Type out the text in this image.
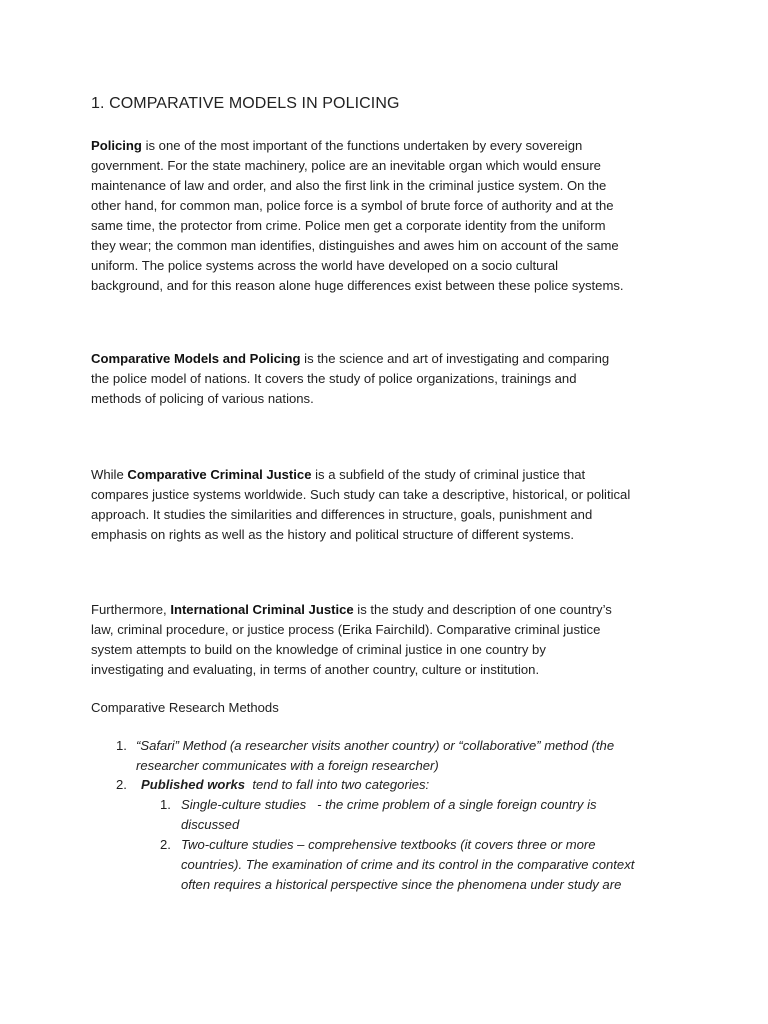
1. COMPARATIVE MODELS IN POLICING
Policing is one of the most important of the functions undertaken by every sovereign
government. For the state machinery, police are an inevitable organ which would ensure
maintenance of law and order, and also the first link in the criminal justice system. On the
other hand, for common man, police force is a symbol of brute force of authority and at the
same time, the protector from crime. Police men get a corporate identity from the uniform
they wear; the common man identifies, distinguishes and awes him on account of the same
uniform. The police systems across the world have developed on a socio cultural
background, and for this reason alone huge differences exist between these police systems.
Comparative Models and Policing is the science and art of investigating and comparing
the police model of nations. It covers the study of police organizations, trainings and
methods of policing of various nations.
While Comparative Criminal Justice is a subfield of the study of criminal justice that
compares justice systems worldwide. Such study can take a descriptive, historical, or political
approach. It studies the similarities and differences in structure, goals, punishment and
emphasis on rights as well as the history and political structure of different systems.
Furthermore, International Criminal Justice is the study and description of one country’s
law, criminal procedure, or justice process (Erika Fairchild). Comparative criminal justice
system attempts to build on the knowledge of criminal justice in one country by
investigating and evaluating, in terms of another country, culture or institution.
Comparative Research Methods
1. “Safari” Method (a researcher visits another country) or “collaborative” method (the
researcher communicates with a foreign researcher)
2. Published works  tend to fall into two categories:
1. Single-culture studies   - the crime problem of a single foreign country is
discussed
2. Two-culture studies – comprehensive textbooks (it covers three or more
countries). The examination of crime and its control in the comparative context
often requires a historical perspective since the phenomena under study are
